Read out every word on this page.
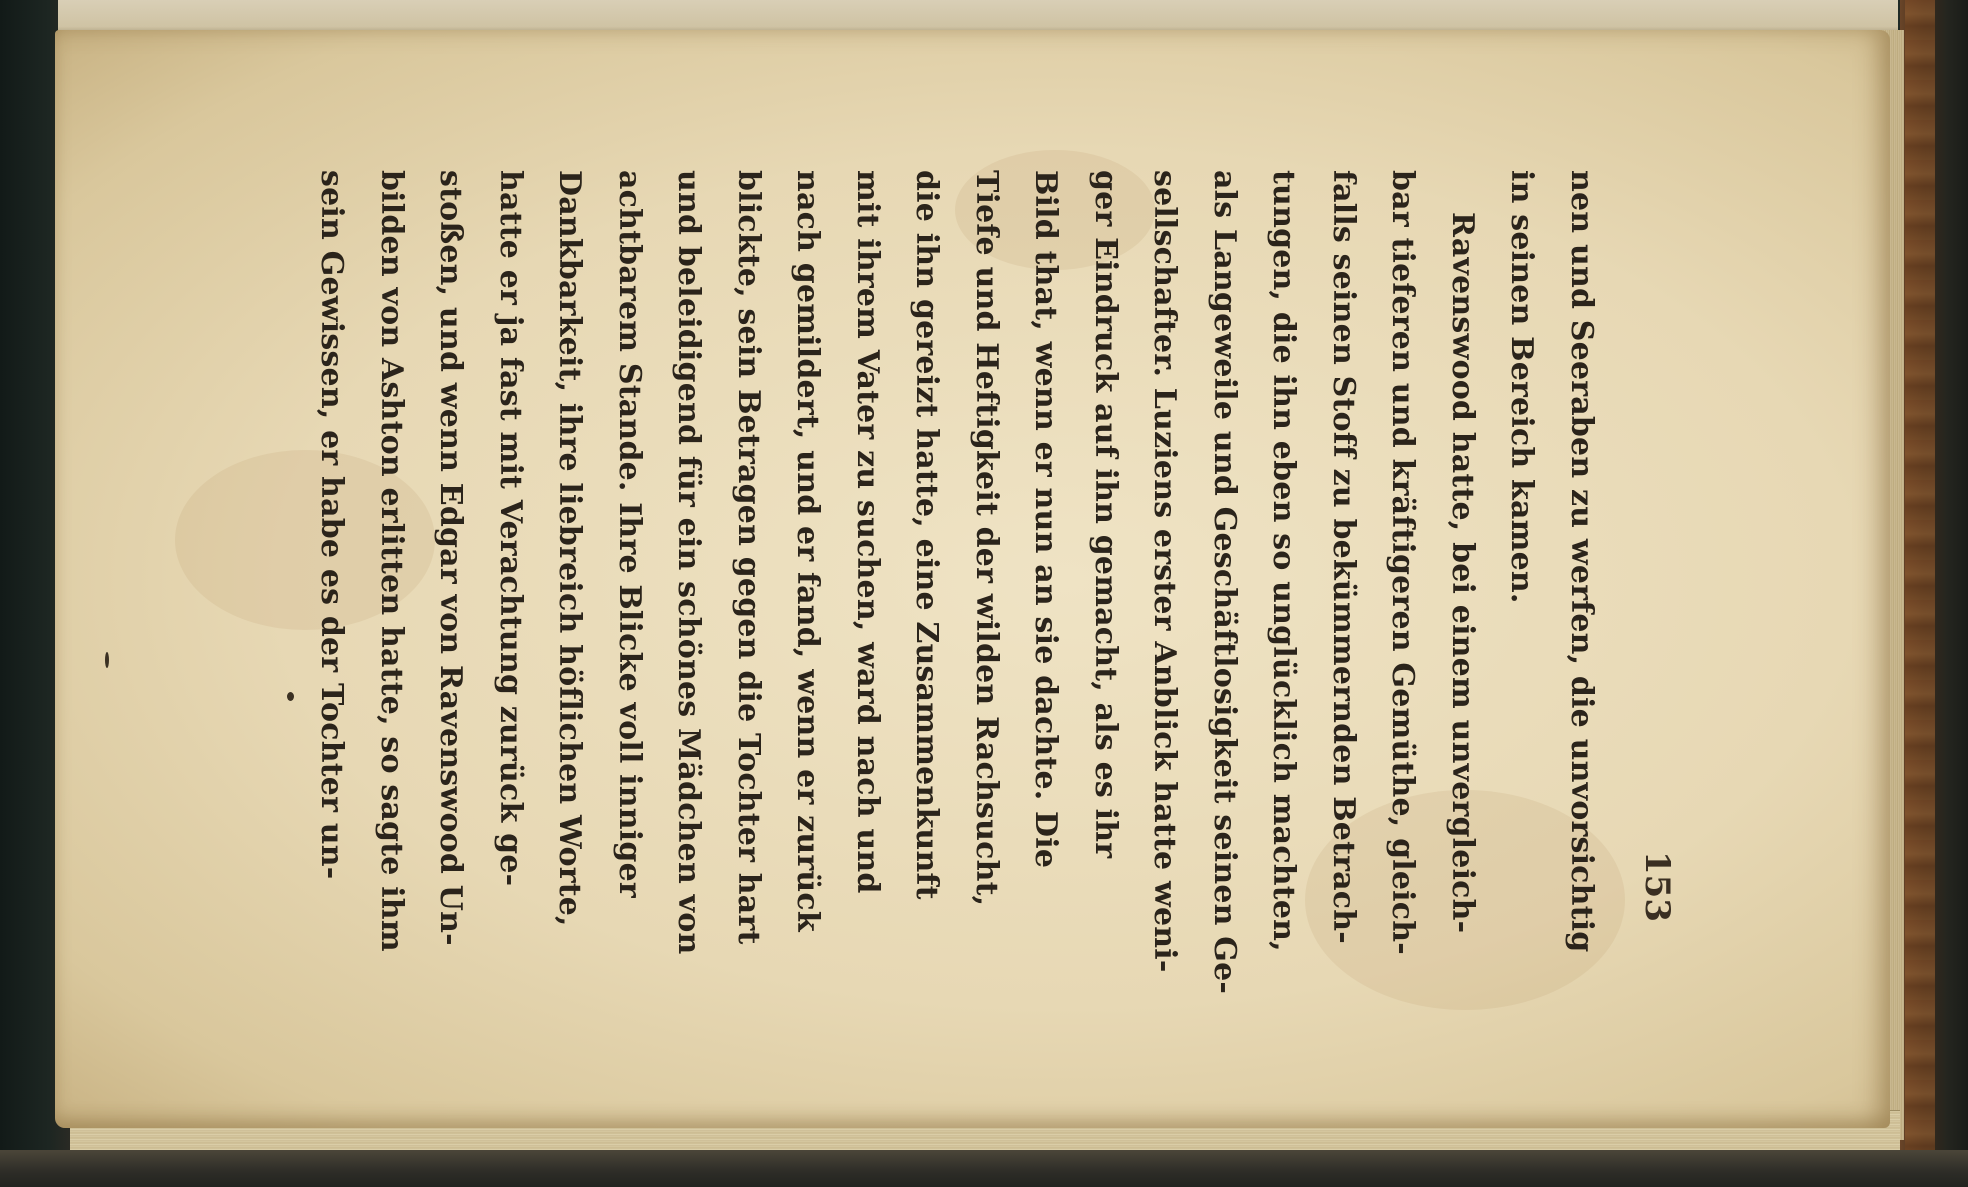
153
nen und Seeraben zu werfen, die unvorsichtig
in seinen Bereich kamen.
Ravenswood hatte, bei einem unvergleich-
bar tieferen und kräftigeren Gemüthe, gleich-
falls seinen Stoff zu bekümmernden Betrach-
tungen, die ihn eben so unglücklich machten,
als Langeweile und Geschäftlosigkeit seinen Ge-
sellschafter. Luziens erster Anblick hatte weni-
ger Eindruck auf ihn gemacht, als es ihr
Bild that, wenn er nun an sie dachte. Die
Tiefe und Heftigkeit der wilden Rachsucht,
die ihn gereizt hatte, eine Zusammenkunft
mit ihrem Vater zu suchen, ward nach und
nach gemildert, und er fand, wenn er zurück
blickte, sein Betragen gegen die Tochter hart
und beleidigend für ein schönes Mädchen von
achtbarem Stande. Ihre Blicke voll inniger
Dankbarkeit, ihre liebreich höflichen Worte,
hatte er ja fast mit Verachtung zurück ge-
stoßen, und wenn Edgar von Ravenswood Un-
bilden von Ashton erlitten hatte, so sagte ihm
sein Gewissen, er habe es der Tochter un-
